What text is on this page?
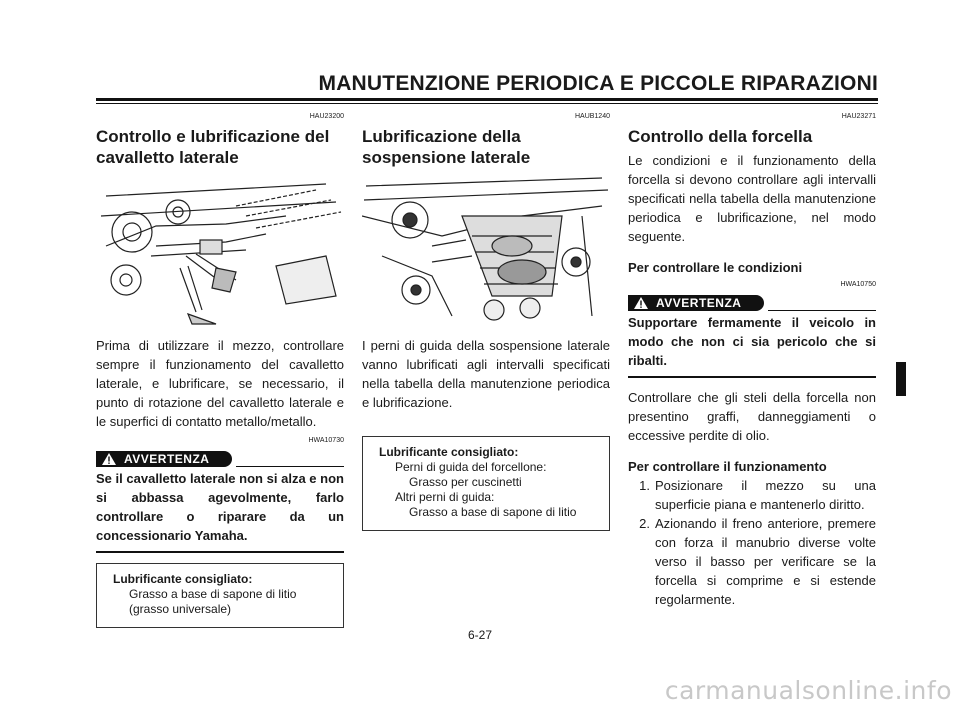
MANUTENZIONE PERIODICA E PICCOLE RIPARAZIONI
HAU23200
Controllo e lubrificazione del cavalletto laterale
Prima di utilizzare il mezzo, controllare sempre il funzionamento del cavalletto laterale, e lubrificare, se necessario, il punto di rotazione del cavalletto laterale e le superfici di contatto metallo/metallo.
HWA10730
AVVERTENZA
Se il cavalletto laterale non si alza e non si abbassa agevolmente, farlo controllare o riparare da un concessionario Yamaha.
Lubrificante consigliato:
Grasso a base di sapone di litio
(grasso universale)
HAUB1240
Lubrificazione della sospensione laterale
I perni di guida della sospensione laterale vanno lubrificati agli intervalli specificati nella tabella della manutenzione periodica e lubrificazione.
Lubrificante consigliato:
Perni di guida del forcellone:
Grasso per cuscinetti
Altri perni di guida:
Grasso a base di sapone di litio
HAU23271
Controllo della forcella
Le condizioni e il funzionamento della forcella si devono controllare agli intervalli specificati nella tabella della manutenzione periodica e lubrificazione, nel modo seguente.
Per controllare le condizioni
HWA10750
AVVERTENZA
Supportare fermamente il veicolo in modo che non ci sia pericolo che si ribalti.
Controllare che gli steli della forcella non presentino graffi, danneggiamenti o eccessive perdite di olio.
Per controllare il funzionamento
1. Posizionare il mezzo su una superficie piana e mantenerlo diritto.
2. Azionando il freno anteriore, premere con forza il manubrio diverse volte verso il basso per verificare se la forcella si comprime e si estende regolarmente.
6-27
carmanualsonline.info
